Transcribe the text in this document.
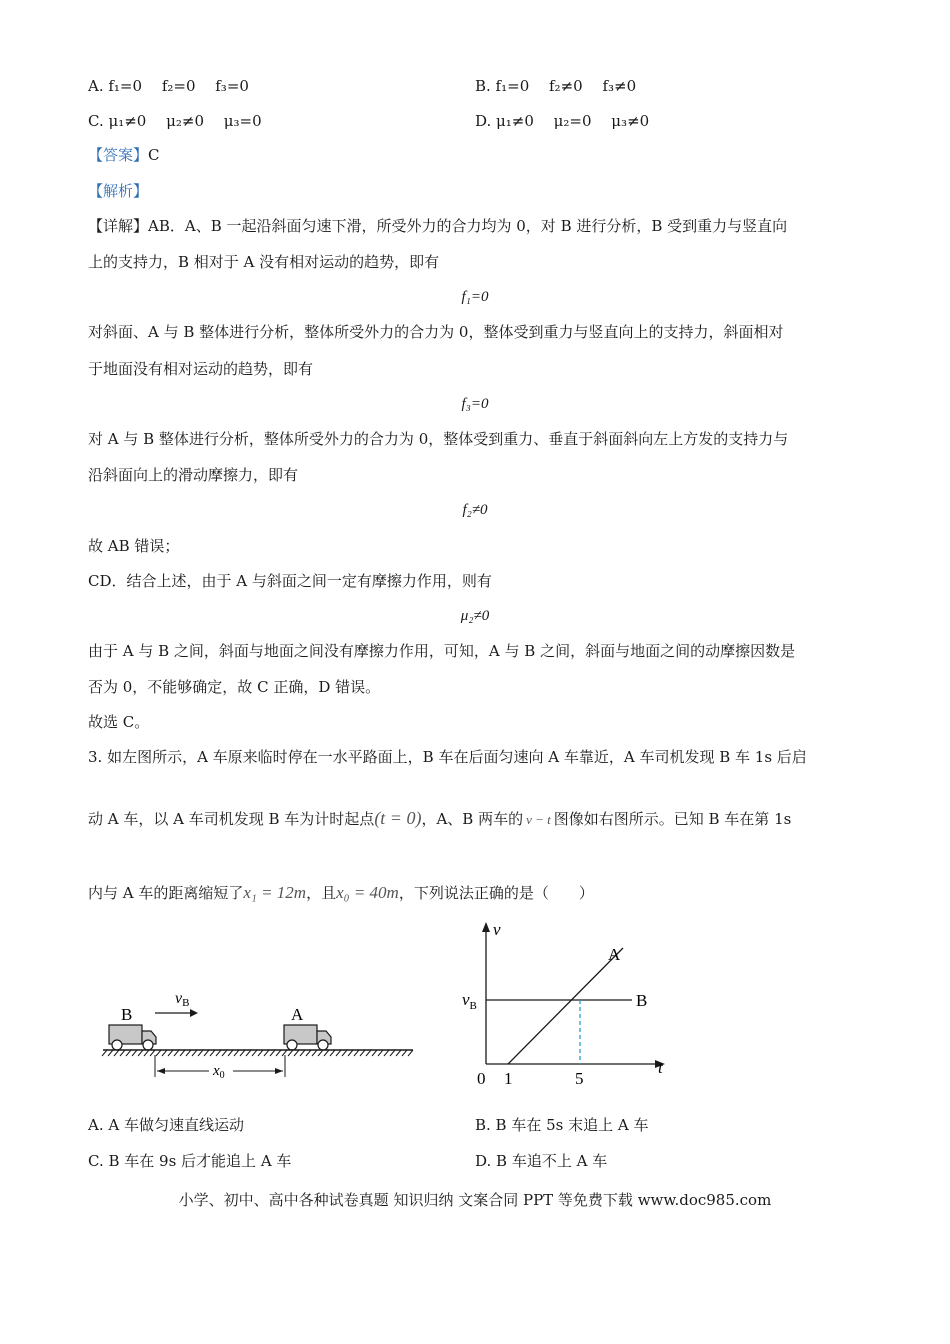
A. f₁=0　 f₂=0　 f₃=0	B. f₁=0　 f₂≠0　 f₃≠0
C. μ₁≠0　 μ₂≠0　 μ₃=0	D. μ₁≠0　 μ₂=0　 μ₃≠0
【答案】C
【解析】
【详解】AB．A、B 一起沿斜面匀速下滑，所受外力的合力均为 0，对 B 进行分析，B 受到重力与竖直向
上的支持力，B 相对于 A 没有相对运动的趋势，即有
f₁=0
对斜面、A 与 B 整体进行分析，整体所受外力的合力为 0，整体受到重力与竖直向上的支持力，斜面相对
于地面没有相对运动的趋势，即有
f₃=0
对 A 与 B 整体进行分析，整体所受外力的合力为 0，整体受到重力、垂直于斜面斜向左上方发的支持力与
沿斜面向上的滑动摩擦力，即有
f₂≠0
故 AB 错误；
CD．结合上述，由于 A 与斜面之间一定有摩擦力作用，则有
μ₂≠0
由于 A 与 B 之间，斜面与地面之间没有摩擦力作用，可知，A 与 B 之间，斜面与地面之间的动摩擦因数是
否为 0，不能够确定，故 C 正确，D 错误。
故选 C。
3. 如左图所示，A 车原来临时停在一水平路面上，B 车在后面匀速向 A 车靠近，A 车司机发现 B 车 1s 后启
动 A 车，以 A 车司机发现 B 车为计时起点(t = 0)，A、B 两车的 v − t 图像如右图所示。已知 B 车在第 1s
内与 A 车的距离缩短了x₁ = 12m，且x₀ = 40m，下列说法正确的是（　　）
B
vB
A
$x_0$
v
t
0 1	5
B
$v_B$
A
A. A 车做匀速直线运动	B. B 车在 5s 末追上 A 车
C. B 车在 9s 后才能追上 A 车	D. B 车追不上 A 车
小学、初中、高中各种试卷真题 知识归纳 文案合同 PPT 等免费下载 www.doc985.com
